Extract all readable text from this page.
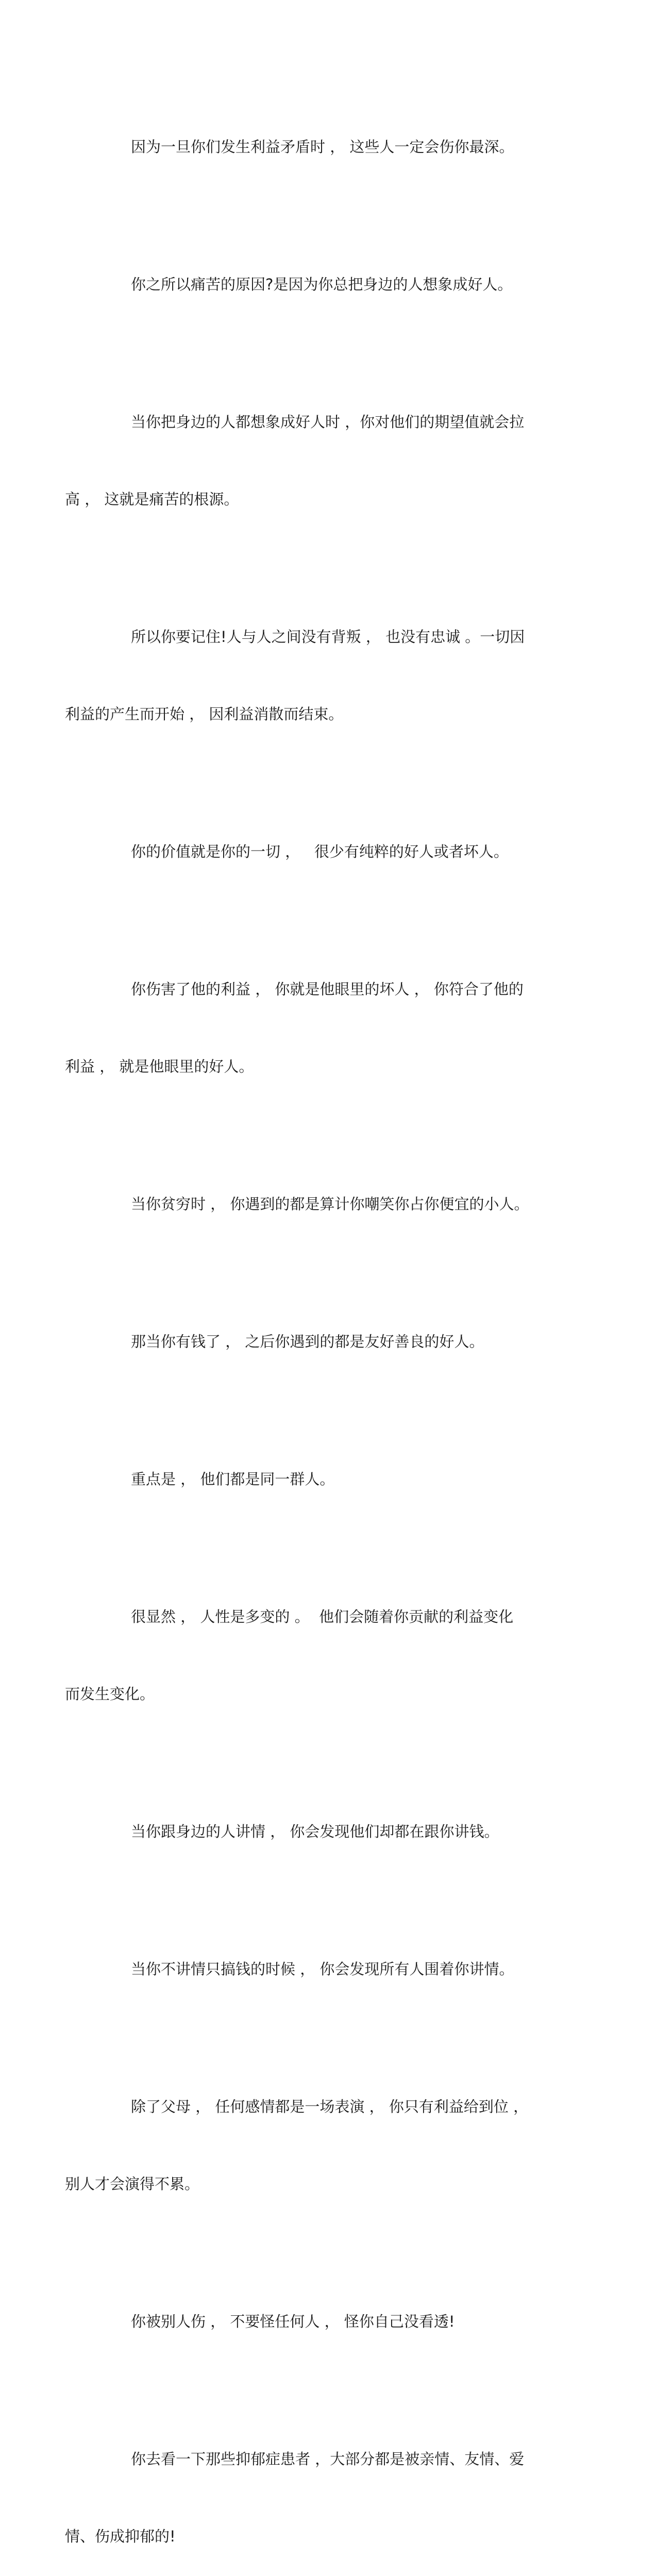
因为一旦你们发生利益矛盾时 ， 这些人一定会伤你最深。

你之所以痛苦的原因?是因为你总把身边的人想象成好人。

当你把身边的人都想象成好人时 ，你对他们的期望值就会拉

高 ， 这就是痛苦的根源。

所以你要记住!人与人之间没有背叛 ， 也没有忠诚 。一切因

利益的产生而开始 ， 因利益消散而结束。

你的价值就是你的一切 ，   很少有纯粹的好人或者坏人。

你伤害了他的利益 ， 你就是他眼里的坏人 ， 你符合了他的

利益 ， 就是他眼里的好人。

当你贫穷时 ， 你遇到的都是算计你嘲笑你占你便宜的小人。

那当你有钱了 ， 之后你遇到的都是友好善良的好人。

重点是 ， 他们都是同一群人。

很显然 ， 人性是多变的 。  他们会随着你贡献的利益变化

而发生变化。

当你跟身边的人讲情 ， 你会发现他们却都在跟你讲钱。

当你不讲情只搞钱的时候 ， 你会发现所有人围着你讲情。

除了父母 ， 任何感情都是一场表演 ， 你只有利益给到位 ，

别人才会演得不累。

你被别人伤 ， 不要怪任何人 ， 怪你自己没看透!

你去看一下那些抑郁症患者 ，大部分都是被亲情、友情、爱

情、伤成抑郁的!
